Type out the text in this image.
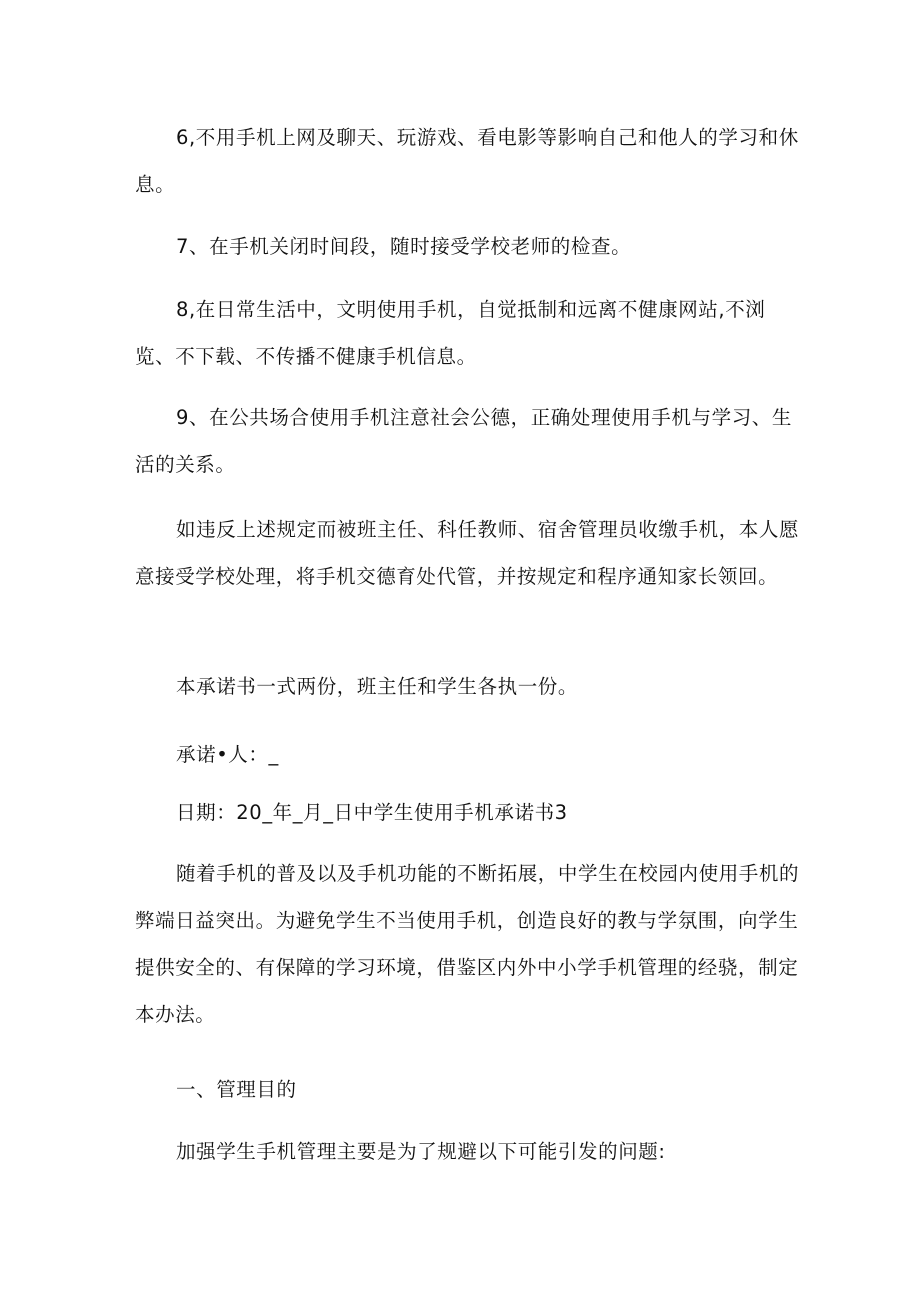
6,不用手机上网及聊天、玩游戏、看电影等影响自己和他人的学习和休息。

7、在手机关闭时间段，随时接受学校老师的检查。

8,在日常生活中，文明使用手机，自觉抵制和远离不健康网站,不浏览、不下载、不传播不健康手机信息。

9、在公共场合使用手机注意社会公德，正确处理使用手机与学习、生活的关系。

如违反上述规定而被班主任、科任教师、宿舍管理员收缴手机，本人愿意接受学校处理，将手机交德育处代管，并按规定和程序通知家长领回。

本承诺书一式两份，班主任和学生各执一份。

承诺•人：_

日期：20_年_月_日中学生使用手机承诺书3

随着手机的普及以及手机功能的不断拓展，中学生在校园内使用手机的弊端日益突出。为避免学生不当使用手机，创造良好的教与学氛围，向学生提供安全的、有保障的学习环境，借鉴区内外中小学手机管理的经骁，制定本办法。

一、管理目的

加强学生手机管理主要是为了规避以下可能引发的问题:
